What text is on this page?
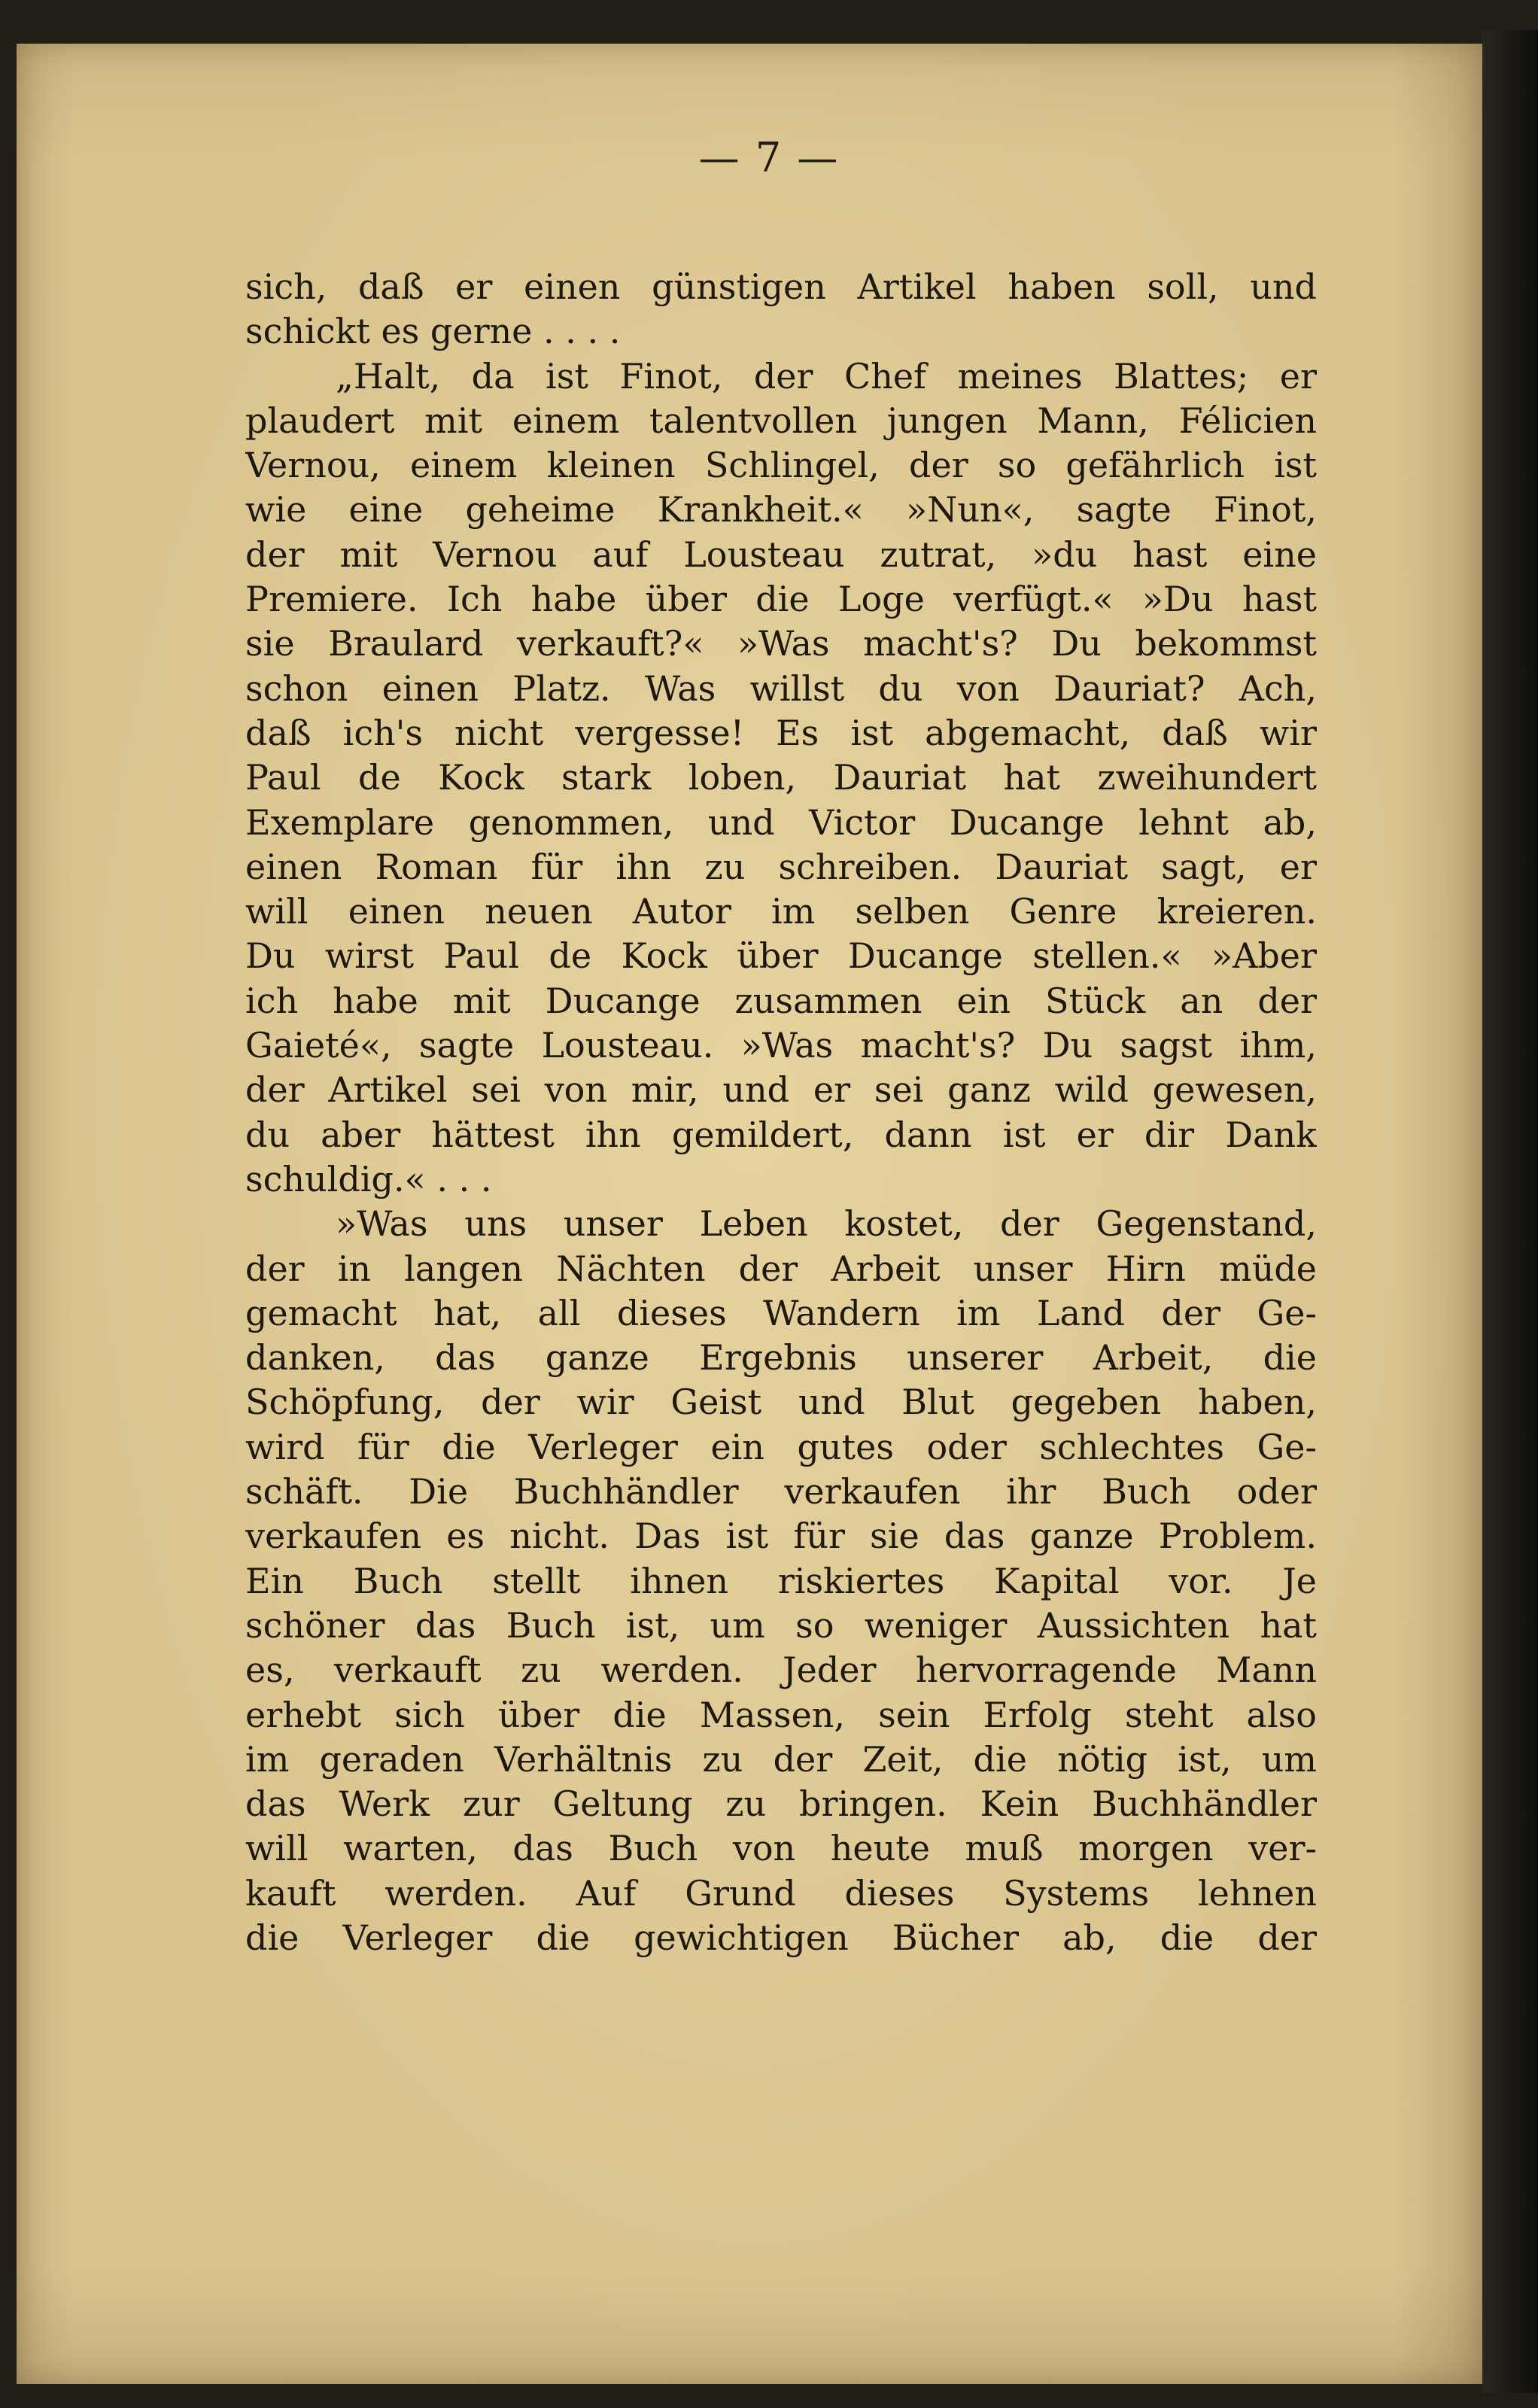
— 7 —
sich, daß er einen günstigen Artikel haben soll, und
schickt es gerne . . . .
„Halt, da ist Finot, der Chef meines Blattes; er
plaudert mit einem talentvollen jungen Mann, Félicien
Vernou, einem kleinen Schlingel, der so gefährlich ist
wie eine geheime Krankheit.« »Nun«, sagte Finot,
der mit Vernou auf Lousteau zutrat, »du hast eine
Premiere. Ich habe über die Loge verfügt.« »Du hast
sie Braulard verkauft?« »Was macht's? Du bekommst
schon einen Platz. Was willst du von Dauriat? Ach,
daß ich's nicht vergesse! Es ist abgemacht, daß wir
Paul de Kock stark loben, Dauriat hat zweihundert
Exemplare genommen, und Victor Ducange lehnt ab,
einen Roman für ihn zu schreiben. Dauriat sagt, er
will einen neuen Autor im selben Genre kreieren.
Du wirst Paul de Kock über Ducange stellen.« »Aber
ich habe mit Ducange zusammen ein Stück an der
Gaieté«, sagte Lousteau. »Was macht's? Du sagst ihm,
der Artikel sei von mir, und er sei ganz wild gewesen,
du aber hättest ihn gemildert, dann ist er dir Dank
schuldig.« . . .
»Was uns unser Leben kostet, der Gegenstand,
der in langen Nächten der Arbeit unser Hirn müde
gemacht hat, all dieses Wandern im Land der Ge-
danken, das ganze Ergebnis unserer Arbeit, die
Schöpfung, der wir Geist und Blut gegeben haben,
wird für die Verleger ein gutes oder schlechtes Ge-
schäft. Die Buchhändler verkaufen ihr Buch oder
verkaufen es nicht. Das ist für sie das ganze Problem.
Ein Buch stellt ihnen riskiertes Kapital vor. Je
schöner das Buch ist, um so weniger Aussichten hat
es, verkauft zu werden. Jeder hervorragende Mann
erhebt sich über die Massen, sein Erfolg steht also
im geraden Verhältnis zu der Zeit, die nötig ist, um
das Werk zur Geltung zu bringen. Kein Buchhändler
will warten, das Buch von heute muß morgen ver-
kauft werden. Auf Grund dieses Systems lehnen
die Verleger die gewichtigen Bücher ab, die der
